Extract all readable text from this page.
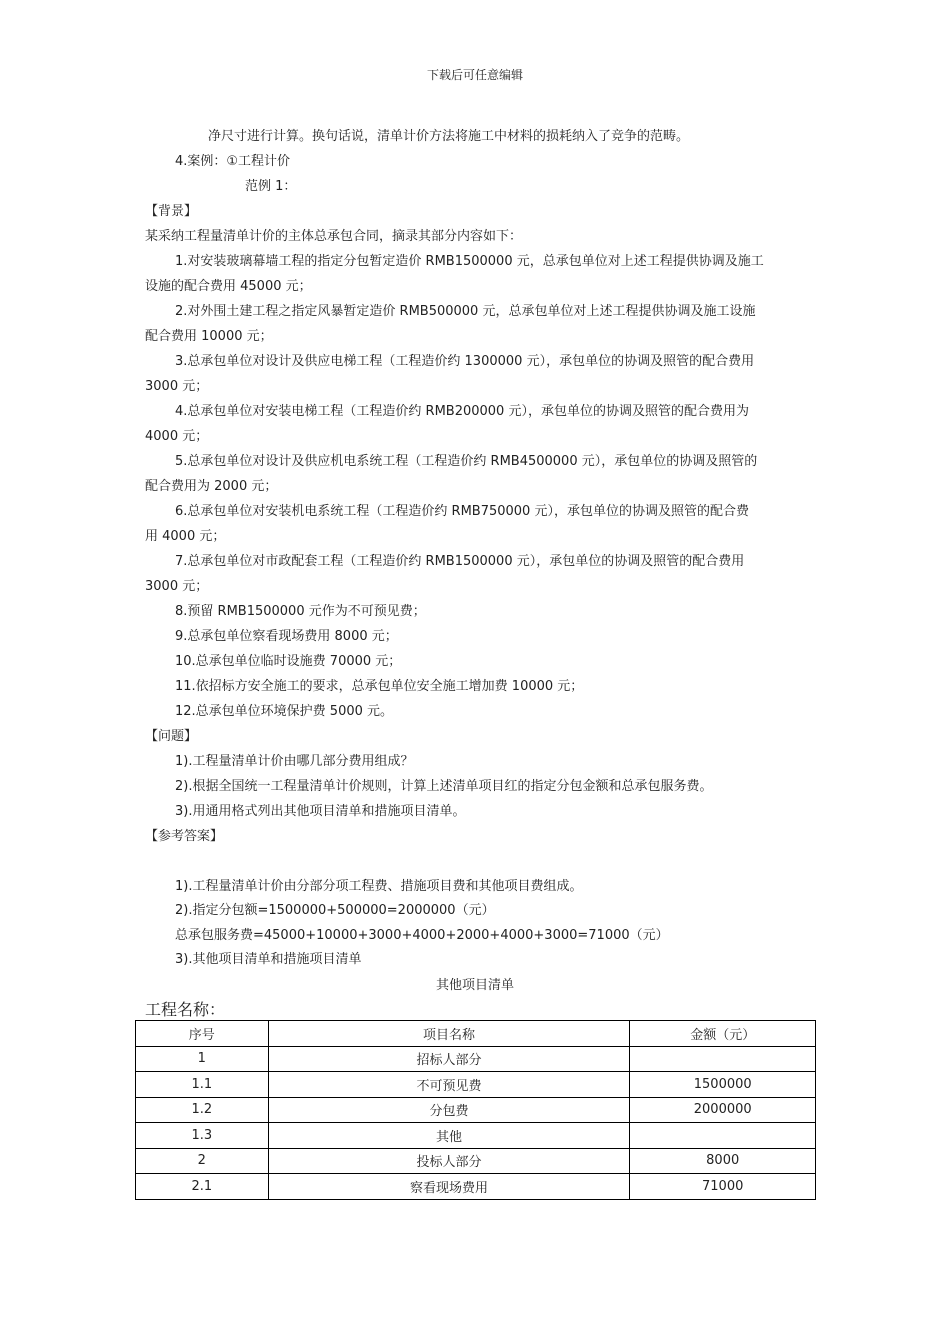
下载后可任意编辑
净尺寸进行计算。换句话说，清单计价方法将施工中材料的损耗纳入了竞争的范畴。
4.案例：①工程计价
范例 1：
【背景】
某采纳工程量清单计价的主体总承包合同，摘录其部分内容如下：
1.对安装玻璃幕墙工程的指定分包暂定造价 RMB1500000 元，总承包单位对上述工程提供协调及施工
设施的配合费用 45000 元；
2.对外围土建工程之指定风暴暂定造价 RMB500000 元，总承包单位对上述工程提供协调及施工设施
配合费用 10000 元；
3.总承包单位对设计及供应电梯工程（工程造价约 1300000 元），承包单位的协调及照管的配合费用
3000 元；
4.总承包单位对安装电梯工程（工程造价约 RMB200000 元），承包单位的协调及照管的配合费用为
4000 元；
5.总承包单位对设计及供应机电系统工程（工程造价约 RMB4500000 元），承包单位的协调及照管的
配合费用为 2000 元；
6.总承包单位对安装机电系统工程（工程造价约 RMB750000 元），承包单位的协调及照管的配合费
用 4000 元；
7.总承包单位对市政配套工程（工程造价约 RMB1500000 元），承包单位的协调及照管的配合费用
3000 元；
8.预留 RMB1500000 元作为不可预见费；
9.总承包单位察看现场费用 8000 元；
10.总承包单位临时设施费 70000 元；
11.依招标方安全施工的要求，总承包单位安全施工增加费 10000 元；
12.总承包单位环境保护费 5000 元。
【问题】
1).工程量清单计价由哪几部分费用组成？
2).根据全国统一工程量清单计价规则，计算上述清单项目红的指定分包金额和总承包服务费。
3).用通用格式列出其他项目清单和措施项目清单。
【参考答案】
1).工程量清单计价由分部分项工程费、措施项目费和其他项目费组成。
2).指定分包额=1500000+500000=2000000（元）
总承包服务费=45000+10000+3000+4000+2000+4000+3000=71000（元）
3).其他项目清单和措施项目清单
其他项目清单
工程名称：
序号	项目名称	金额（元）
1	招标人部分	
1.1	不可预见费	1500000
1.2	分包费	2000000
1.3	其他	
2	投标人部分	8000
2.1	察看现场费用	71000
